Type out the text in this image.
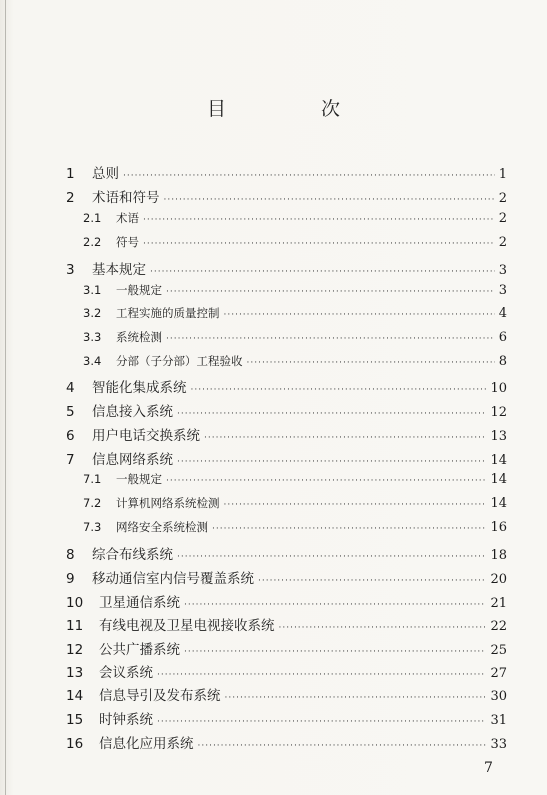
目　次
1	总则 ·····	1
2	术语和符号 ·····	2
2.1	术语 ·····	2
2.2	符号 ·····	2
3	基本规定 ·····	3
3.1	一般规定 ·····	3
3.2	工程实施的质量控制 ·····	4
3.3	系统检测 ·····	6
3.4	分部（子分部）工程验收 ·····	8
4	智能化集成系统 ·····	10
5	信息接入系统 ·····	12
6	用户电话交换系统 ·····	13
7	信息网络系统 ·····	14
7.1	一般规定 ·····	14
7.2	计算机网络系统检测 ·····	14
7.3	网络安全系统检测 ·····	16
8	综合布线系统 ·····	18
9	移动通信室内信号覆盖系统 ·····	20
10	卫星通信系统 ·····	21
11	有线电视及卫星电视接收系统 ·····	22
12	公共广播系统 ·····	25
13	会议系统 ·····	27
14	信息导引及发布系统 ·····	30
15	时钟系统 ·····	31
16	信息化应用系统 ·····	33
7
